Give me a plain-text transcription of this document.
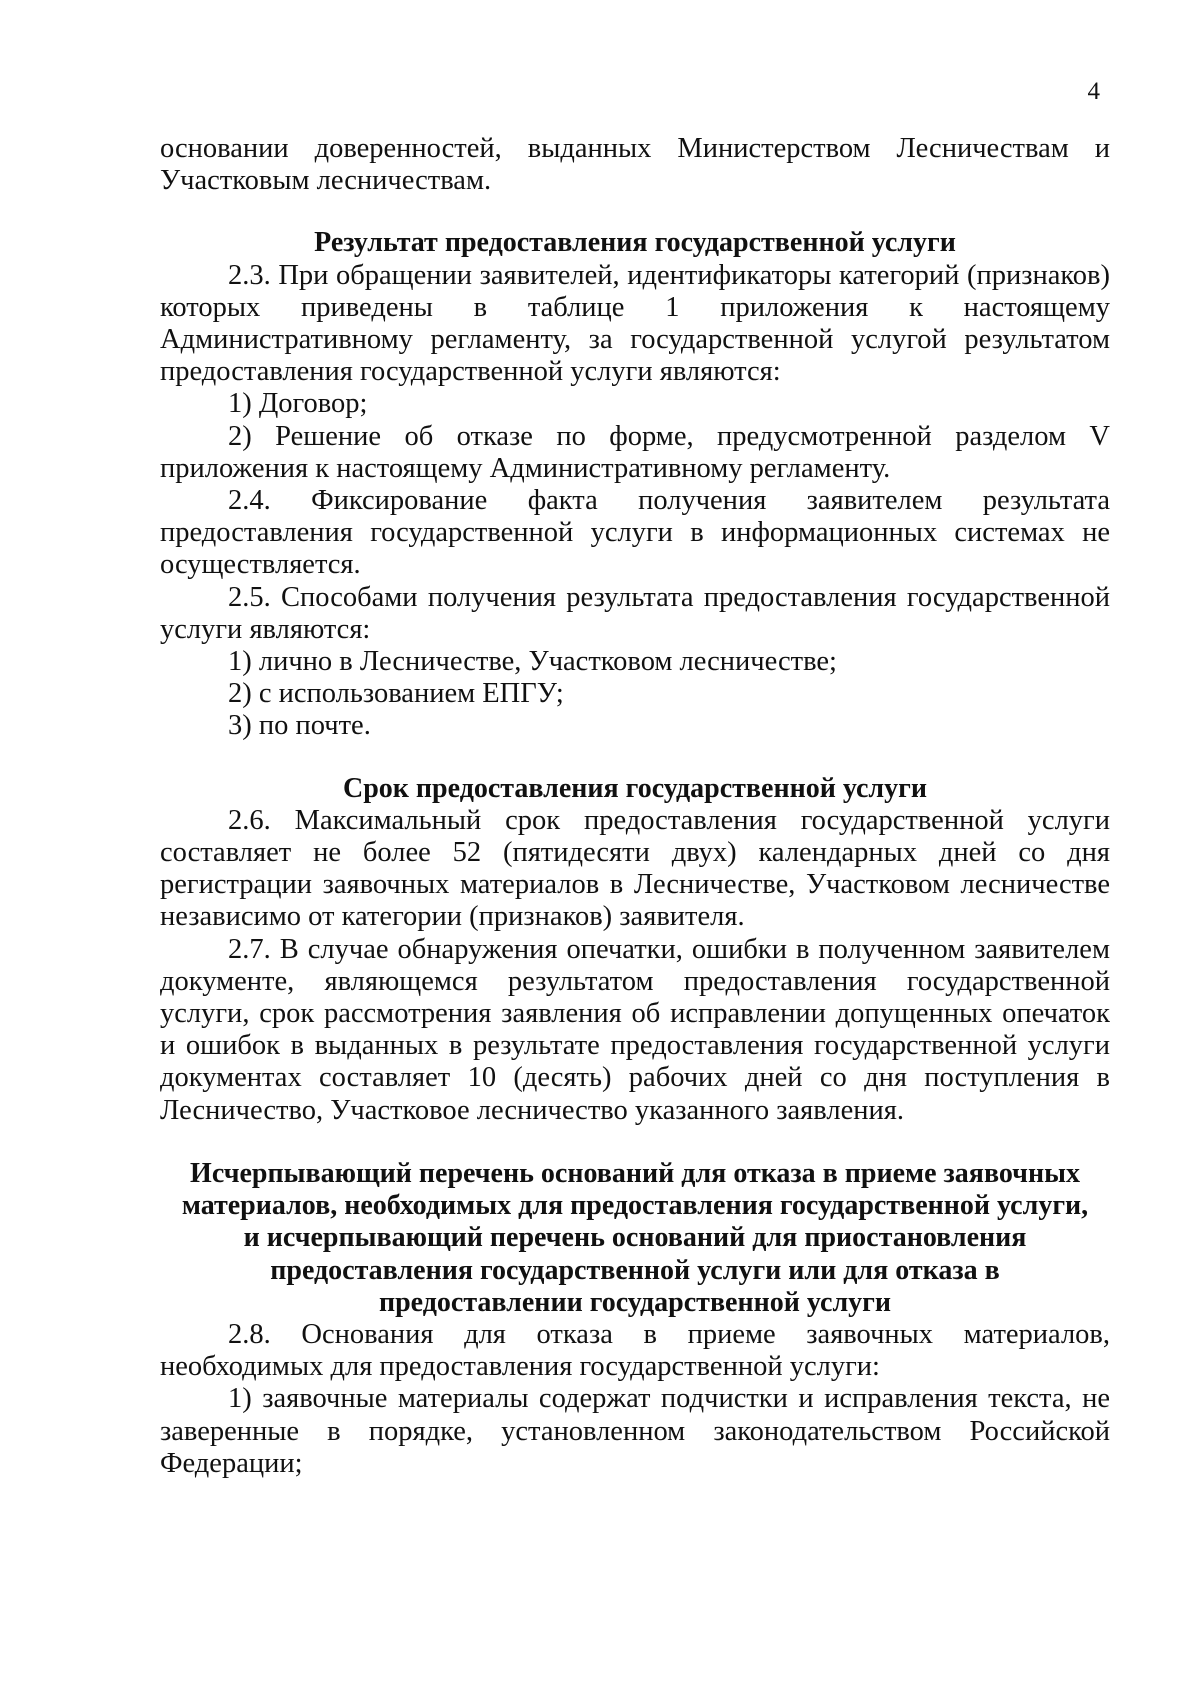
4

основании доверенностей, выданных Министерством Лесничествам и Участковым лесничествам.

Результат предоставления государственной услуги

2.3. При обращении заявителей, идентификаторы категорий (признаков) которых приведены в таблице 1 приложения к настоящему Административному регламенту, за государственной услугой результатом предоставления государственной услуги являются:

1) Договор;

2) Решение об отказе по форме, предусмотренной разделом V приложения к настоящему Административному регламенту.

2.4. Фиксирование факта получения заявителем результата предоставления государственной услуги в информационных системах не осуществляется.

2.5. Способами получения результата предоставления государственной услуги являются:

1) лично в Лесничестве, Участковом лесничестве;

2) с использованием ЕПГУ;

3) по почте.

Срок предоставления государственной услуги

2.6. Максимальный срок предоставления государственной услуги составляет не более 52 (пятидесяти двух) календарных дней со дня регистрации заявочных материалов в Лесничестве, Участковом лесничестве независимо от категории (признаков) заявителя.

2.7. В случае обнаружения опечатки, ошибки в полученном заявителем документе, являющемся результатом предоставления государственной услуги, срок рассмотрения заявления об исправлении допущенных опечаток и ошибок в выданных в результате предоставления государственной услуги документах составляет 10 (десять) рабочих дней со дня поступления в Лесничество, Участковое лесничество указанного заявления.

Исчерпывающий перечень оснований для отказа в приеме заявочных
материалов, необходимых для предоставления государственной услуги,
и исчерпывающий перечень оснований для приостановления
предоставления государственной услуги или для отказа в
предоставлении государственной услуги

2.8. Основания для отказа в приеме заявочных материалов, необходимых для предоставления государственной услуги:

1) заявочные материалы содержат подчистки и исправления текста, не заверенные в порядке, установленном законодательством Российской Федерации;
